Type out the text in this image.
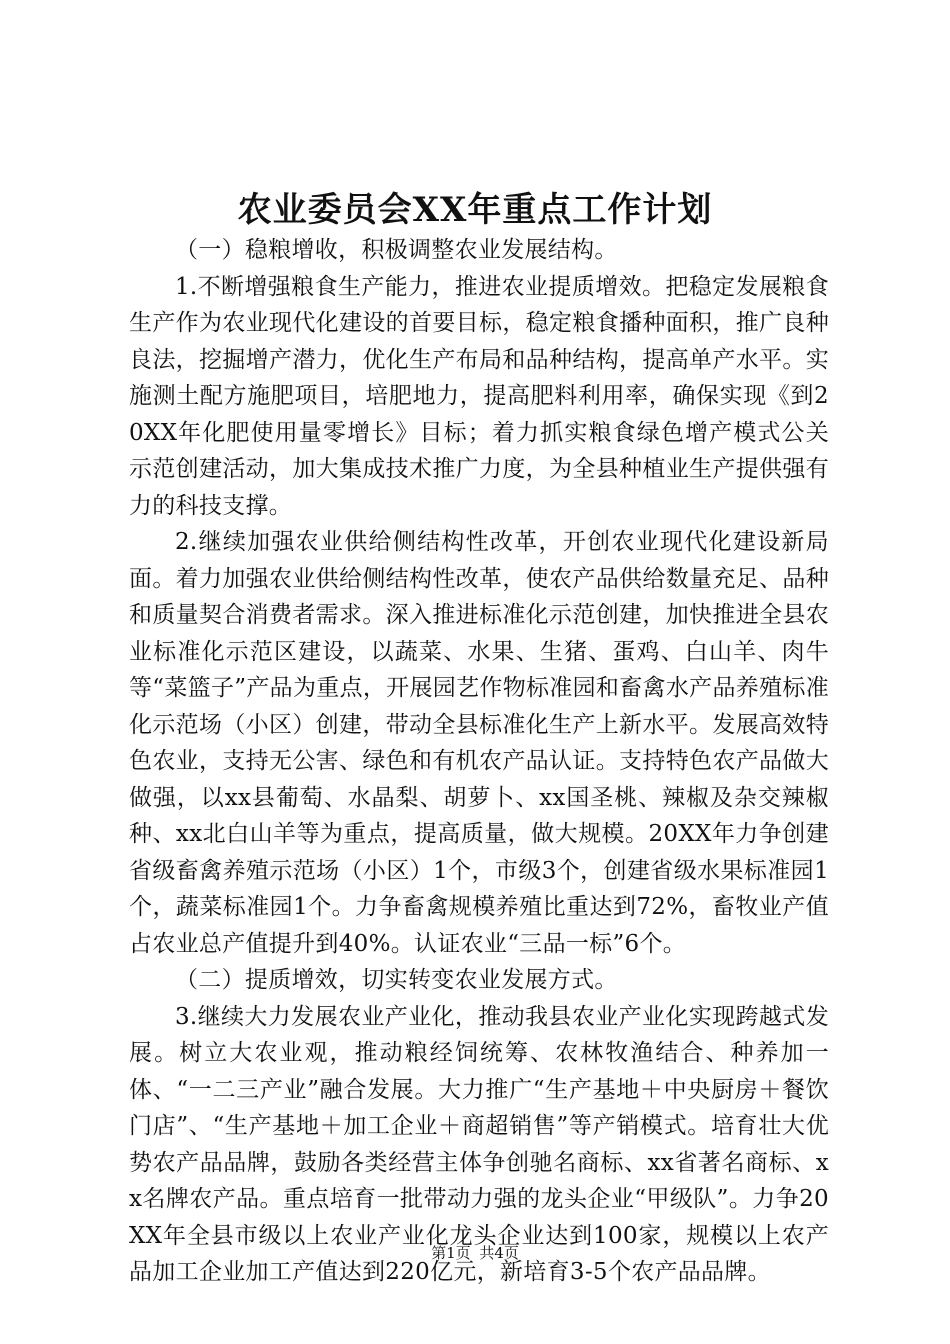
农业委员会XX年重点工作计划

（一）稳粮增收，积极调整农业发展结构。

1.不断增强粮食生产能力，推进农业提质增效。把稳定发展粮食生产作为农业现代化建设的首要目标，稳定粮食播种面积，推广良种良法，挖掘增产潜力，优化生产布局和品种结构，提高单产水平。实施测土配方施肥项目，培肥地力，提高肥料利用率，确保实现《到20XX年化肥使用量零增长》目标；着力抓实粮食绿色增产模式公关示范创建活动，加大集成技术推广力度，为全县种植业生产提供强有力的科技支撑。

2.继续加强农业供给侧结构性改革，开创农业现代化建设新局面。着力加强农业供给侧结构性改革，使农产品供给数量充足、品种和质量契合消费者需求。深入推进标准化示范创建，加快推进全县农业标准化示范区建设，以蔬菜、水果、生猪、蛋鸡、白山羊、肉牛等“菜篮子”产品为重点，开展园艺作物标准园和畜禽水产品养殖标准化示范场（小区）创建，带动全县标准化生产上新水平。发展高效特色农业，支持无公害、绿色和有机农产品认证。支持特色农产品做大做强，以xx县葡萄、水晶梨、胡萝卜、xx国圣桃、辣椒及杂交辣椒种、xx北白山羊等为重点，提高质量，做大规模。20XX年力争创建省级畜禽养殖示范场（小区）1个，市级3个，创建省级水果标准园1个，蔬菜标准园1个。力争畜禽规模养殖比重达到72%，畜牧业产值占农业总产值提升到40%。认证农业“三品一标”6个。

（二）提质增效，切实转变农业发展方式。

3.继续大力发展农业产业化，推动我县农业产业化实现跨越式发展。树立大农业观，推动粮经饲统筹、农林牧渔结合、种养加一体、“一二三产业”融合发展。大力推广“生产基地＋中央厨房＋餐饮门店”、“生产基地＋加工企业＋商超销售”等产销模式。培育壮大优势农产品品牌，鼓励各类经营主体争创驰名商标、xx省著名商标、xx名牌农产品。重点培育一批带动力强的龙头企业“甲级队”。力争20XX年全县市级以上农业产业化龙头企业达到100家，规模以上农产品加工企业加工产值达到220亿元，新培育3-5个农产品品牌。

第1页 共4页
